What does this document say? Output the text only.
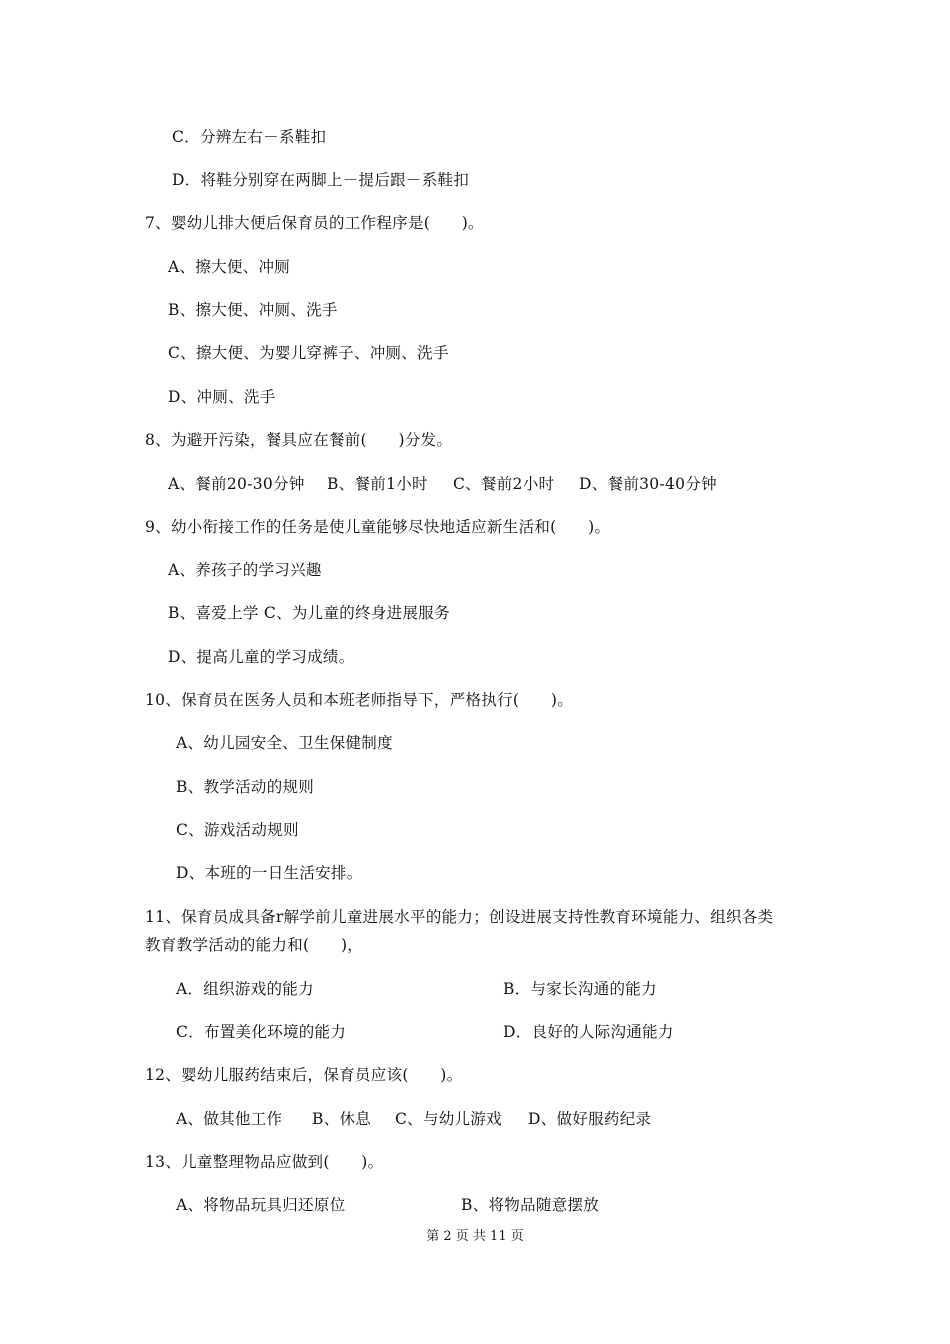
C．分辨左右－系鞋扣
D．将鞋分别穿在两脚上－提后跟－系鞋扣
7、婴幼儿排大便后保育员的工作程序是(　　)。
A、擦大便、冲厕
B、擦大便、冲厕、洗手
C、擦大便、为婴儿穿裤子、冲厕、洗手
D、冲厕、洗手
8、为避开污染，餐具应在餐前(　　)分发。
A、餐前20-30分钟 B、餐前1小时 C、餐前2小时 D、餐前30-40分钟
9、幼小衔接工作的任务是使儿童能够尽快地适应新生活和(　　)。
A、养孩子的学习兴趣
B、喜爱上学 C、为儿童的终身进展服务
D、提高儿童的学习成绩。
10、保育员在医务人员和本班老师指导下，严格执行(　　)。
A、幼儿园安全、卫生保健制度
B、教学活动的规则
C、游戏活动规则
D、本班的一日生活安排。
11、保育员成具备r解学前儿童进展水平的能力；创设进展支持性教育环境能力、组织各类
教育教学活动的能力和(　　)，
A．组织游戏的能力	B．与家长沟通的能力
C．布置美化环境的能力	D．良好的人际沟通能力
12、婴幼儿服药结束后，保育员应该(　　)。
A、做其他工作 B、休息 C、与幼儿游戏 D、做好服药纪录
13、儿童整理物品应做到(　　)。
A、将物品玩具归还原位	B、将物品随意摆放
第 2 页 共 11 页
